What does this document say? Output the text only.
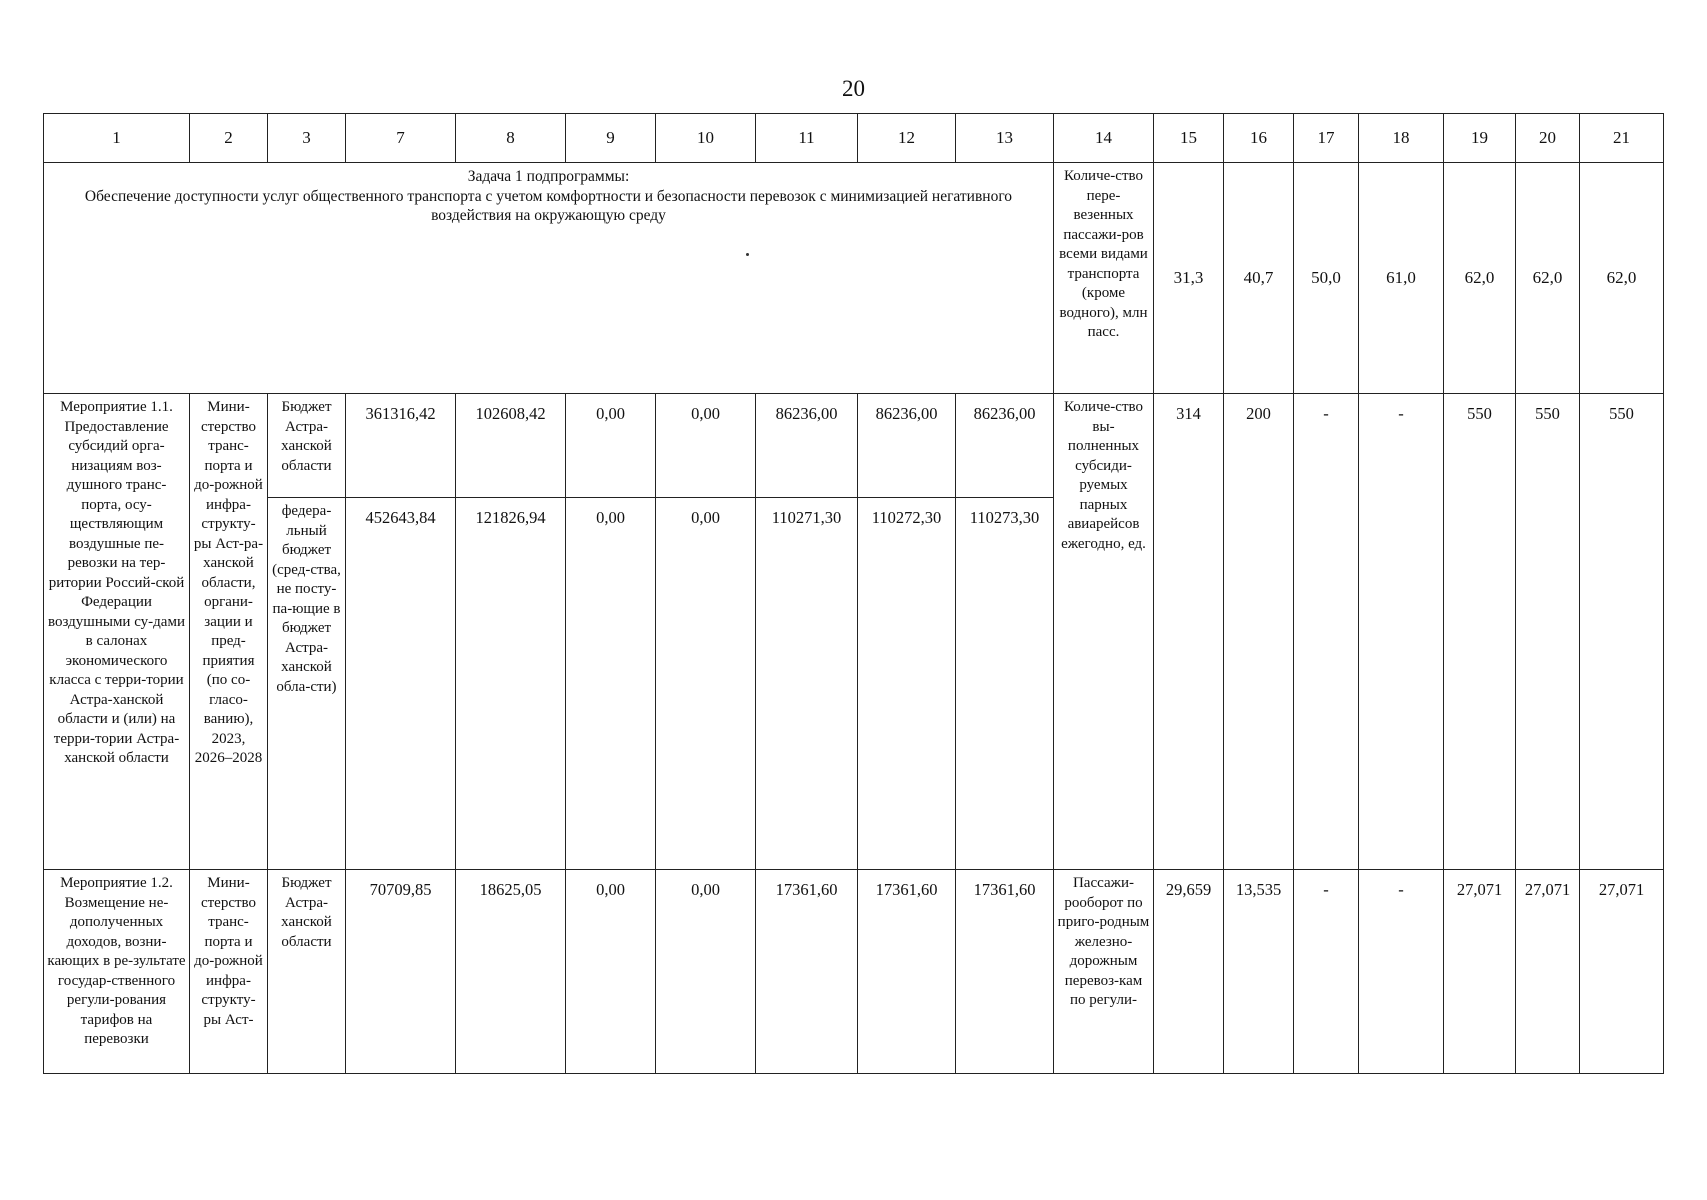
20
1	2	3	7	8	9	10	11	12	13	14	15	16	17	18	19	20	21

Задача 1 подпрограммы:
Обеспечение доступности услуг общественного транспорта с учетом комфортности и безопасности перевозок с минимизацией негативного воздействия на окружающую среду										Количе-ство пере-везенных пассажи-ров всеми видами транспорта (кроме водного), млн пасс.	31,3	40,7	50,0	61,0	62,0	62,0	62,0
Мероприятие 1.1. Предоставление субсидий орга-низациям воз-душного транс-порта, осу-ществляющим воздушные пе-ревозки на тер-ритории Россий-ской Федерации воздушными су-дами в салонах экономического класса с терри-тории Астра-ханской области и (или) на терри-тории Астра-ханской области	Мини-стерство транс-порта и до-рожной инфра-структу-ры Аст-ра-ханской области, органи-зации и пред-приятия (по со-гласо-ванию), 2023, 2026–2028	Бюджет Астра-ханской области	361316,42	102608,42	0,00	0,00	86236,00	86236,00	86236,00	Количе-ство вы-полненных субсиди-руемых парных авиарейсов ежегодно, ед.	314	200	-	-	550	550	550
		федера-льный бюджет (сред-ства, не посту-па-ющие в бюджет Астра-ханской обла-сти)	452643,84	121826,94	0,00	0,00	110271,30	110272,30	110273,30								
Мероприятие 1.2. Возмещение не-дополученных доходов, возни-кающих в ре-зультате государ-ственного регули-рования тарифов на перевозки	Мини-стерство транс-порта и до-рожной инфра-структу-ры Аст-	Бюджет Астра-ханской области	70709,85	18625,05	0,00	0,00	17361,60	17361,60	17361,60	Пассажи-рооборот по приго-родным железно-дорожным перевоз-кам по регули-	29,659	13,535	-	-	27,071	27,071	27,071
